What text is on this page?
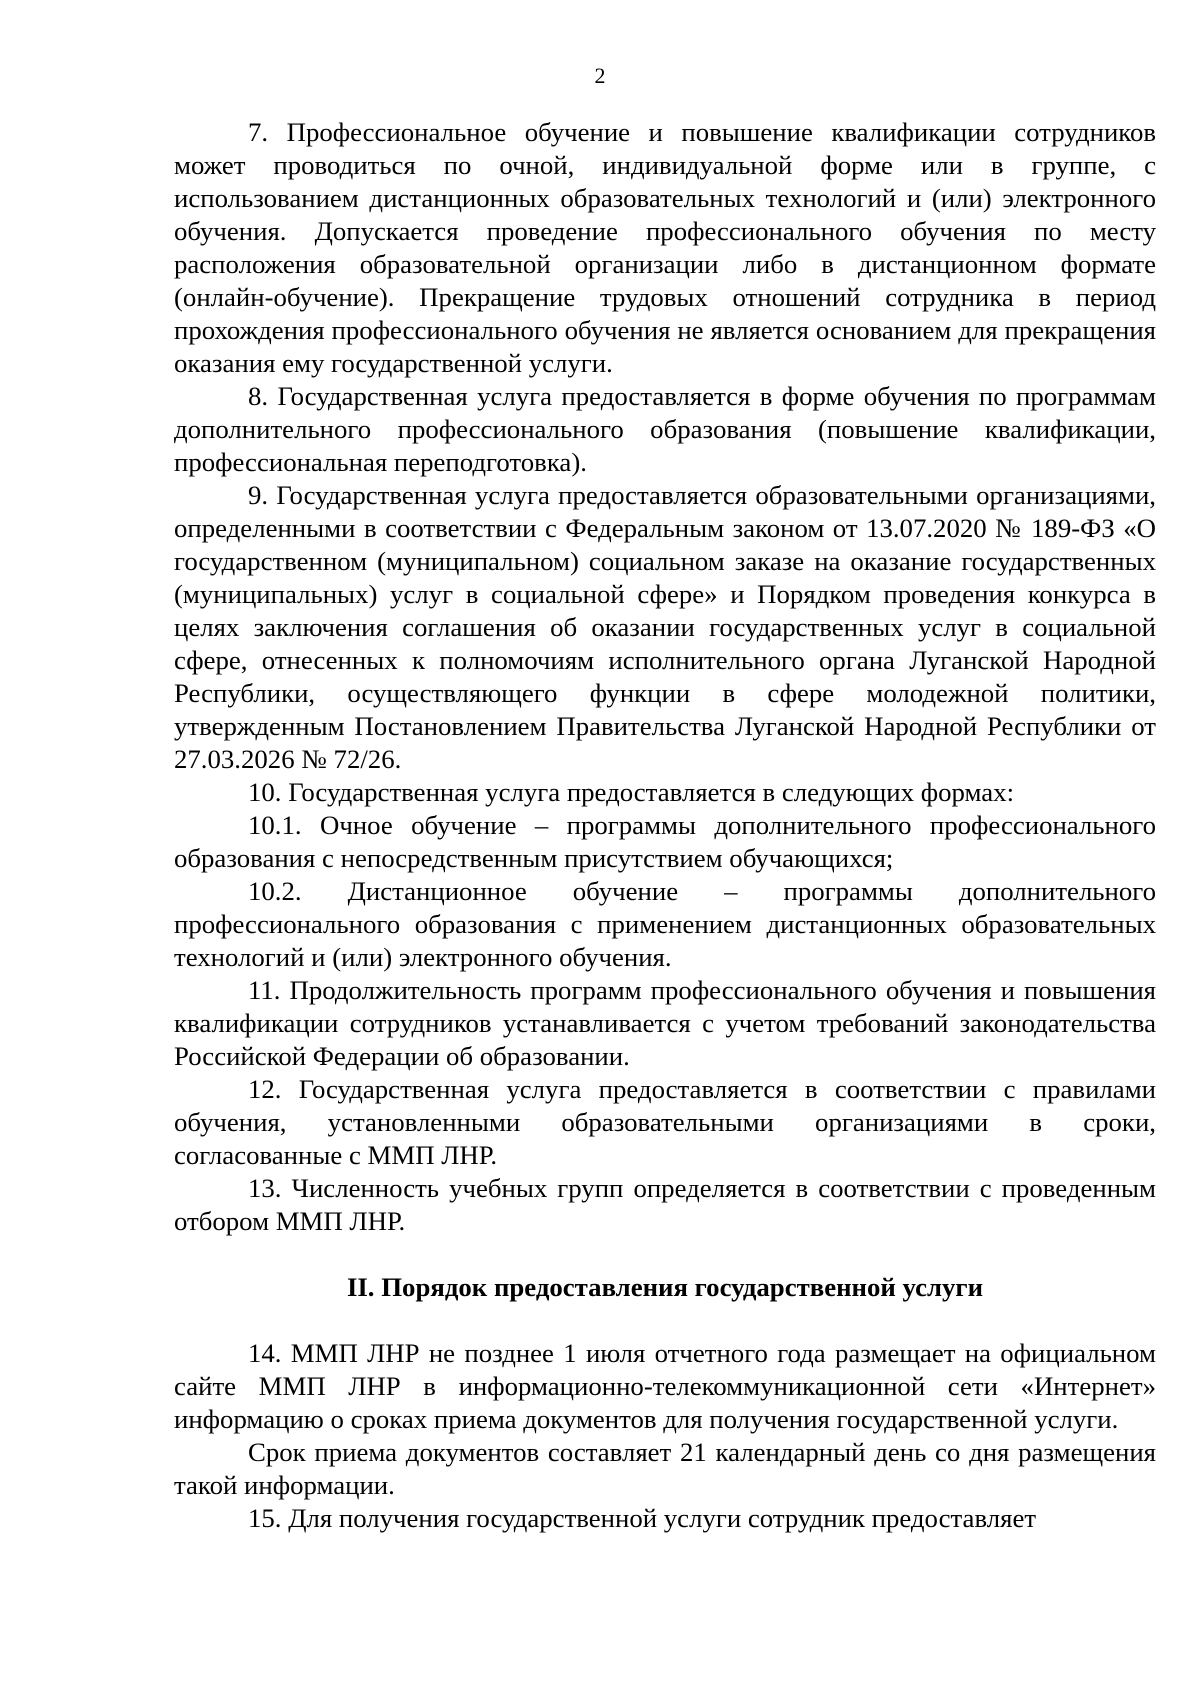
2

7. Профессиональное обучение и повышение квалификации сотрудников может проводиться по очной, индивидуальной форме или в группе, с использованием дистанционных образовательных технологий и (или) электронного обучения. Допускается проведение профессионального обучения по месту расположения образовательной организации либо в дистанционном формате (онлайн-обучение). Прекращение трудовых отношений сотрудника в период прохождения профессионального обучения не является основанием для прекращения оказания ему государственной услуги.

8. Государственная услуга предоставляется в форме обучения по программам дополнительного профессионального образования (повышение квалификации, профессиональная переподготовка).

9. Государственная услуга предоставляется образовательными организациями, определенными в соответствии с Федеральным законом от 13.07.2020 № 189-ФЗ «О государственном (муниципальном) социальном заказе на оказание государственных (муниципальных) услуг в социальной сфере» и Порядком проведения конкурса в целях заключения соглашения об оказании государственных услуг в социальной сфере, отнесенных к полномочиям исполнительного органа Луганской Народной Республики, осуществляющего функции в сфере молодежной политики, утвержденным Постановлением Правительства Луганской Народной Республики от 27.03.2026 № 72/26.

10. Государственная услуга предоставляется в следующих формах:

10.1. Очное обучение – программы дополнительного профессионального образования с непосредственным присутствием обучающихся;

10.2. Дистанционное обучение – программы дополнительного профессионального образования с применением дистанционных образовательных технологий и (или) электронного обучения.

11. Продолжительность программ профессионального обучения и повышения квалификации сотрудников устанавливается с учетом требований законодательства Российской Федерации об образовании.

12. Государственная услуга предоставляется в соответствии с правилами обучения, установленными образовательными организациями в сроки, согласованные с ММП ЛНР.

13. Численность учебных групп определяется в соответствии с проведенным отбором ММП ЛНР.

II. Порядок предоставления государственной услуги

14. ММП ЛНР не позднее 1 июля отчетного года размещает на официальном сайте ММП ЛНР в информационно-телекоммуникационной сети «Интернет» информацию о сроках приема документов для получения государственной услуги.

Срок приема документов составляет 21 календарный день со дня размещения такой информации.

15. Для получения государственной услуги сотрудник предоставляет
